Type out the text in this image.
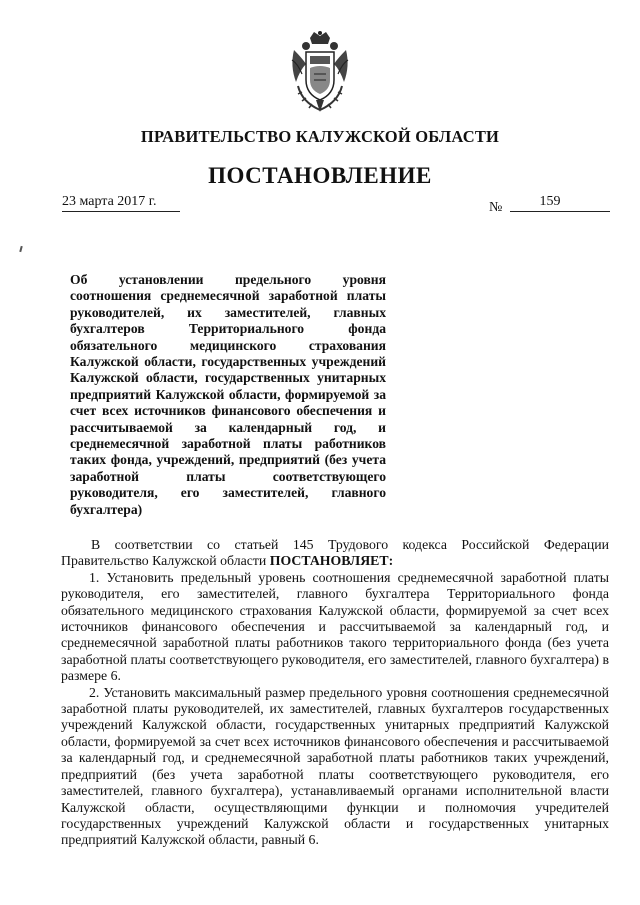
ПРАВИТЕЛЬСТВО КАЛУЖСКОЙ ОБЛАСТИ
ПОСТАНОВЛЕНИЕ
23 марта 2017 г.	№	159

Об установлении предельного уровня соотношения среднемесячной заработной платы руководителей, их заместителей, главных бухгалтеров Территориального фонда обязательного медицинского страхования Калужской области, государственных учреждений Калужской области, государственных унитарных предприятий Калужской области, формируемой за счет всех источников финансового обеспечения и рассчитываемой за календарный год, и среднемесячной заработной платы работников таких фонда, учреждений, предприятий (без учета заработной платы соответствующего руководителя, его заместителей, главного бухгалтера)

В соответствии со статьей 145 Трудового кодекса Российской Федерации Правительство Калужской области ПОСТАНОВЛЯЕТ:

1. Установить предельный уровень соотношения среднемесячной заработной платы руководителя, его заместителей, главного бухгалтера Территориального фонда обязательного медицинского страхования Калужской области, формируемой за счет всех источников финансового обеспечения и рассчитываемой за календарный год, и среднемесячной заработной платы работников такого территориального фонда (без учета заработной платы соответствующего руководителя, его заместителей, главного бухгалтера) в размере 6.

2. Установить максимальный размер предельного уровня соотношения среднемесячной заработной платы руководителей, их заместителей, главных бухгалтеров государственных учреждений Калужской области, государственных унитарных предприятий Калужской области, формируемой за счет всех источников финансового обеспечения и рассчитываемой за календарный год, и среднемесячной заработной платы работников таких учреждений, предприятий (без учета заработной платы соответствующего руководителя, его заместителей, главного бухгалтера), устанавливаемый органами исполнительной власти Калужской области, осуществляющими функции и полномочия учредителей государственных учреждений Калужской области и государственных унитарных предприятий Калужской области, равный 6.
